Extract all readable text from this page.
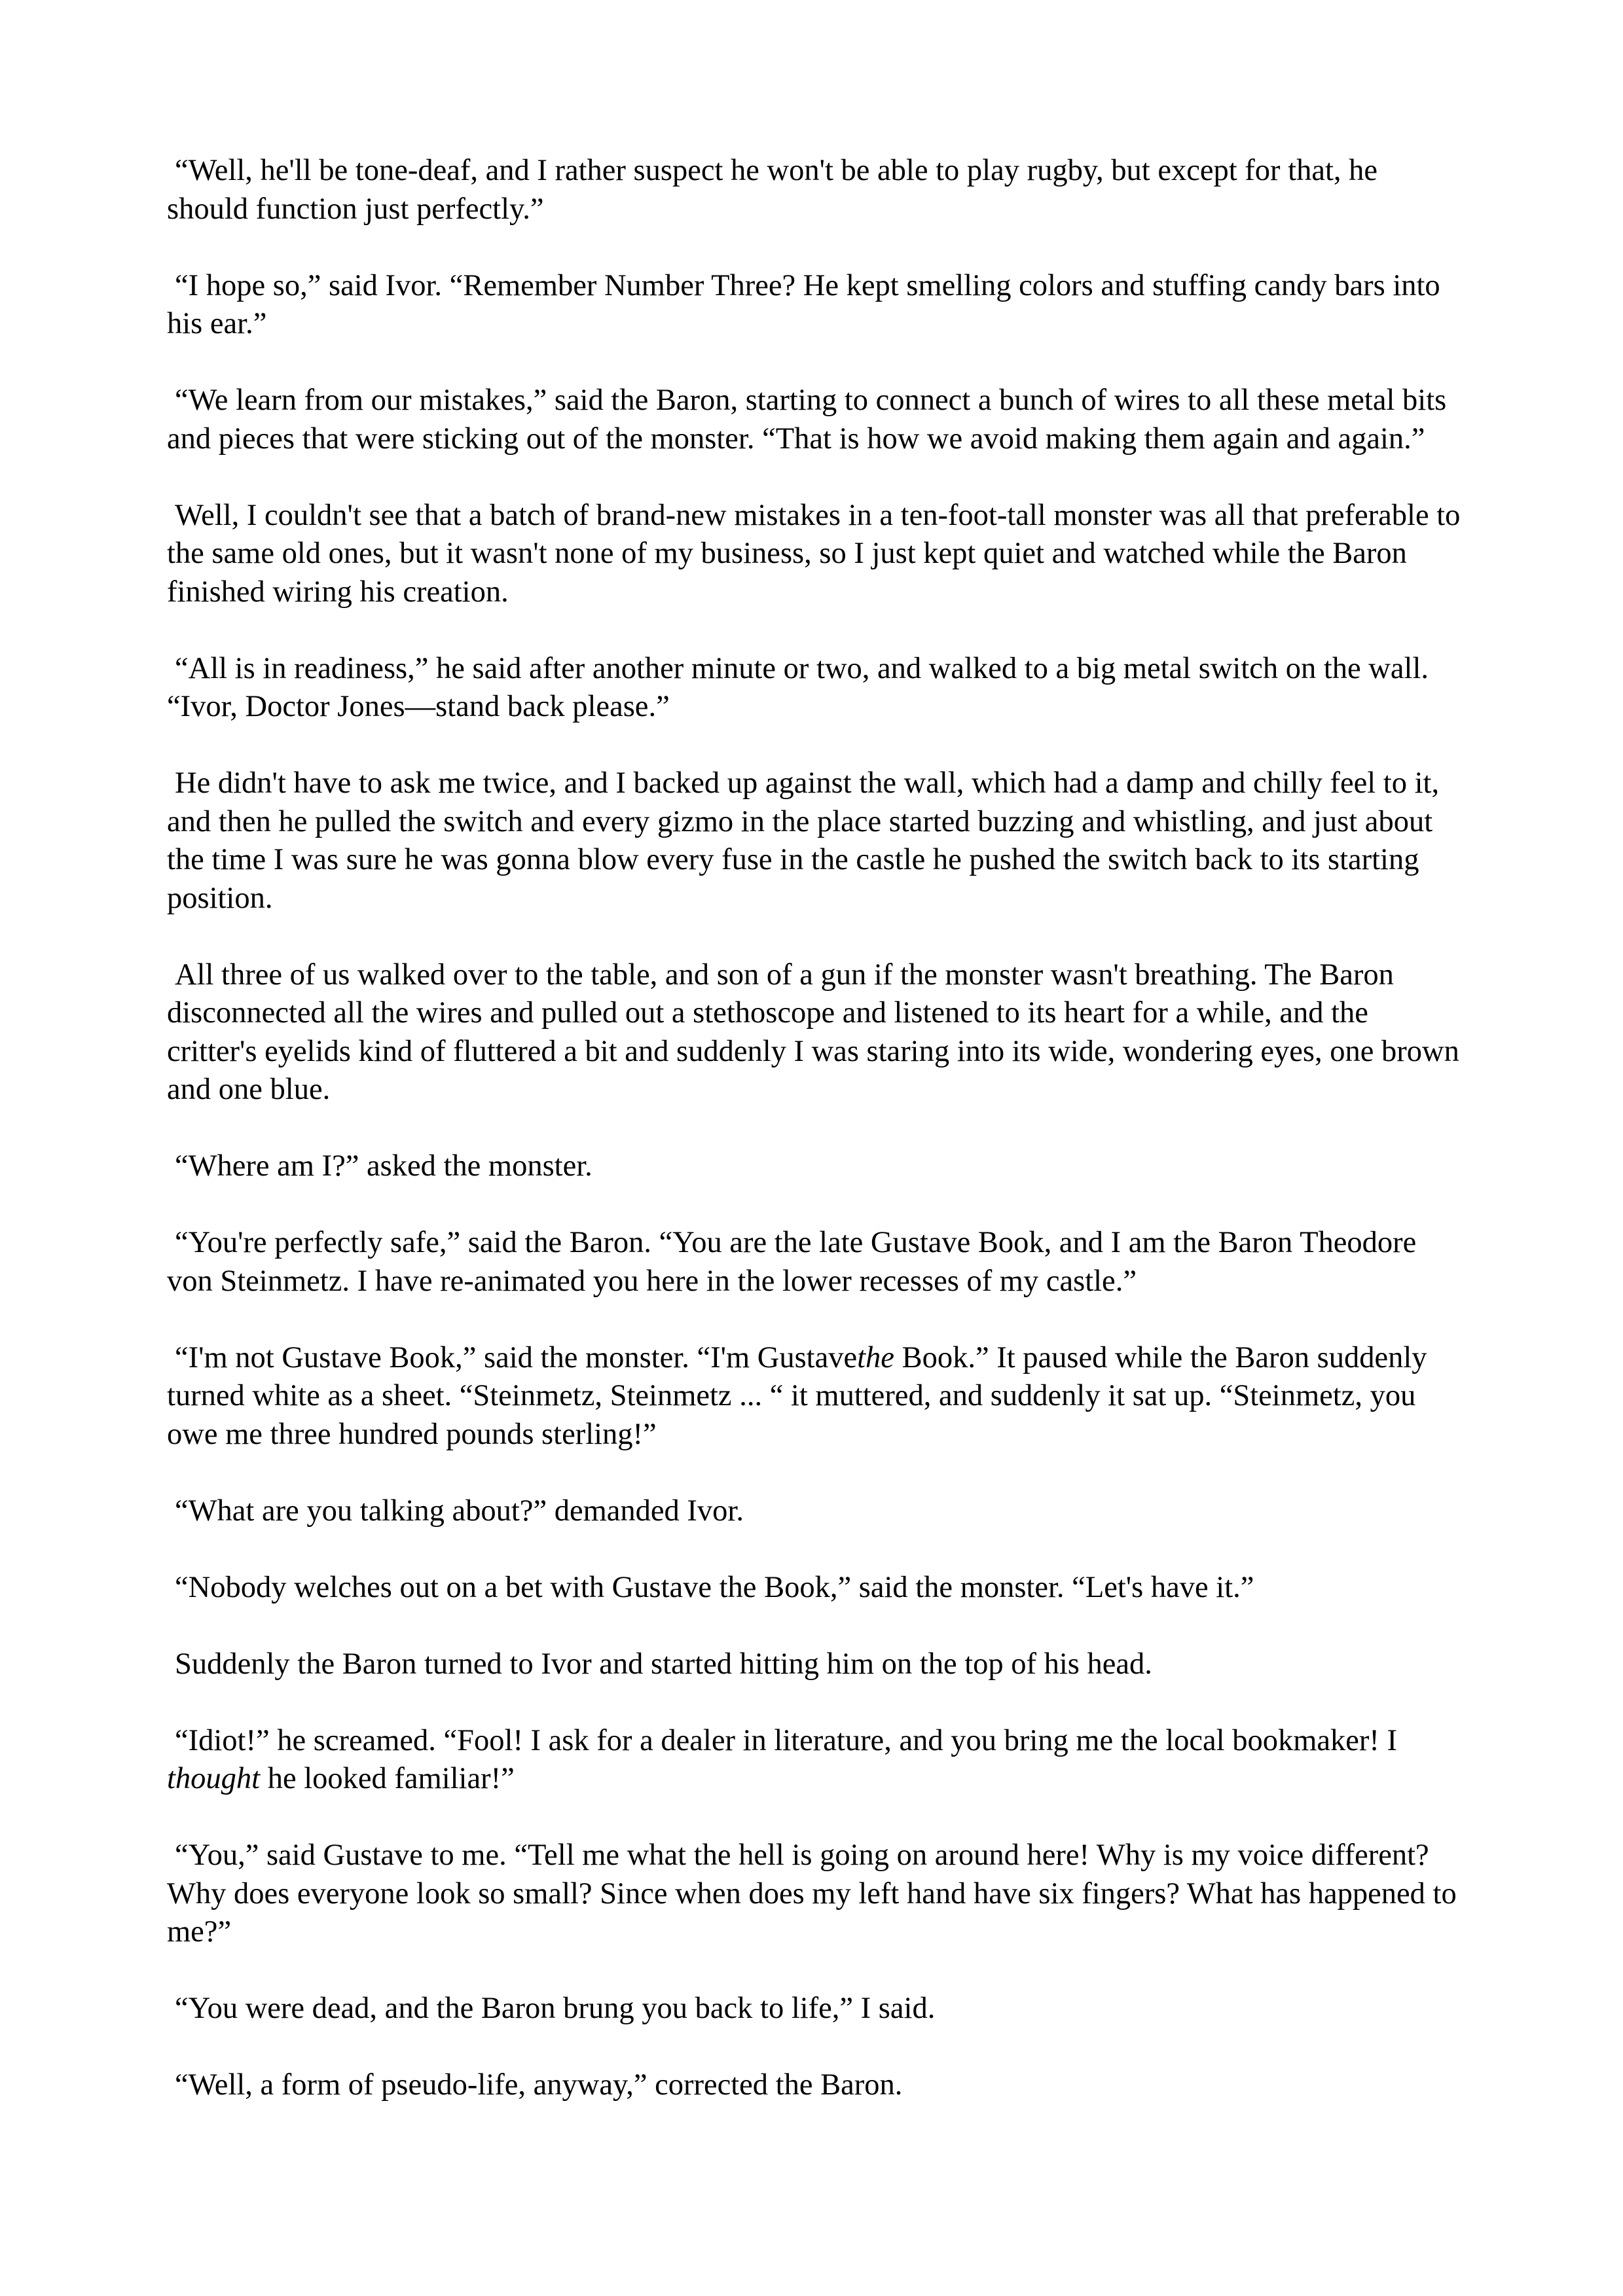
“Well, he'll be tone-deaf, and I rather suspect he won't be able to play rugby, but except for that, he should function just perfectly.”

“I hope so,” said Ivor. “Remember Number Three? He kept smelling colors and stuffing candy bars into his ear.”

“We learn from our mistakes,” said the Baron, starting to connect a bunch of wires to all these metal bits and pieces that were sticking out of the monster. “That is how we avoid making them again and again.”

Well, I couldn't see that a batch of brand-new mistakes in a ten-foot-tall monster was all that preferable to the same old ones, but it wasn't none of my business, so I just kept quiet and watched while the Baron finished wiring his creation.

“All is in readiness,” he said after another minute or two, and walked to a big metal switch on the wall. “Ivor, Doctor Jones—stand back please.”

He didn't have to ask me twice, and I backed up against the wall, which had a damp and chilly feel to it, and then he pulled the switch and every gizmo in the place started buzzing and whistling, and just about the time I was sure he was gonna blow every fuse in the castle he pushed the switch back to its starting position.

All three of us walked over to the table, and son of a gun if the monster wasn't breathing. The Baron disconnected all the wires and pulled out a stethoscope and listened to its heart for a while, and the critter's eyelids kind of fluttered a bit and suddenly I was staring into its wide, wondering eyes, one brown and one blue.

“Where am I?” asked the monster.

“You're perfectly safe,” said the Baron. “You are the late Gustave Book, and I am the Baron Theodore von Steinmetz. I have re-animated you here in the lower recesses of my castle.”

“I'm not Gustave Book,” said the monster. “I'm Gustavethe Book.” It paused while the Baron suddenly turned white as a sheet. “Steinmetz, Steinmetz ... “ it muttered, and suddenly it sat up. “Steinmetz, you owe me three hundred pounds sterling!”

“What are you talking about?” demanded Ivor.

“Nobody welches out on a bet with Gustave the Book,” said the monster. “Let's have it.”

Suddenly the Baron turned to Ivor and started hitting him on the top of his head.

“Idiot!” he screamed. “Fool! I ask for a dealer in literature, and you bring me the local bookmaker! I thought he looked familiar!”

“You,” said Gustave to me. “Tell me what the hell is going on around here! Why is my voice different? Why does everyone look so small? Since when does my left hand have six fingers? What has happened to me?”

“You were dead, and the Baron brung you back to life,” I said.

“Well, a form of pseudo-life, anyway,” corrected the Baron.
